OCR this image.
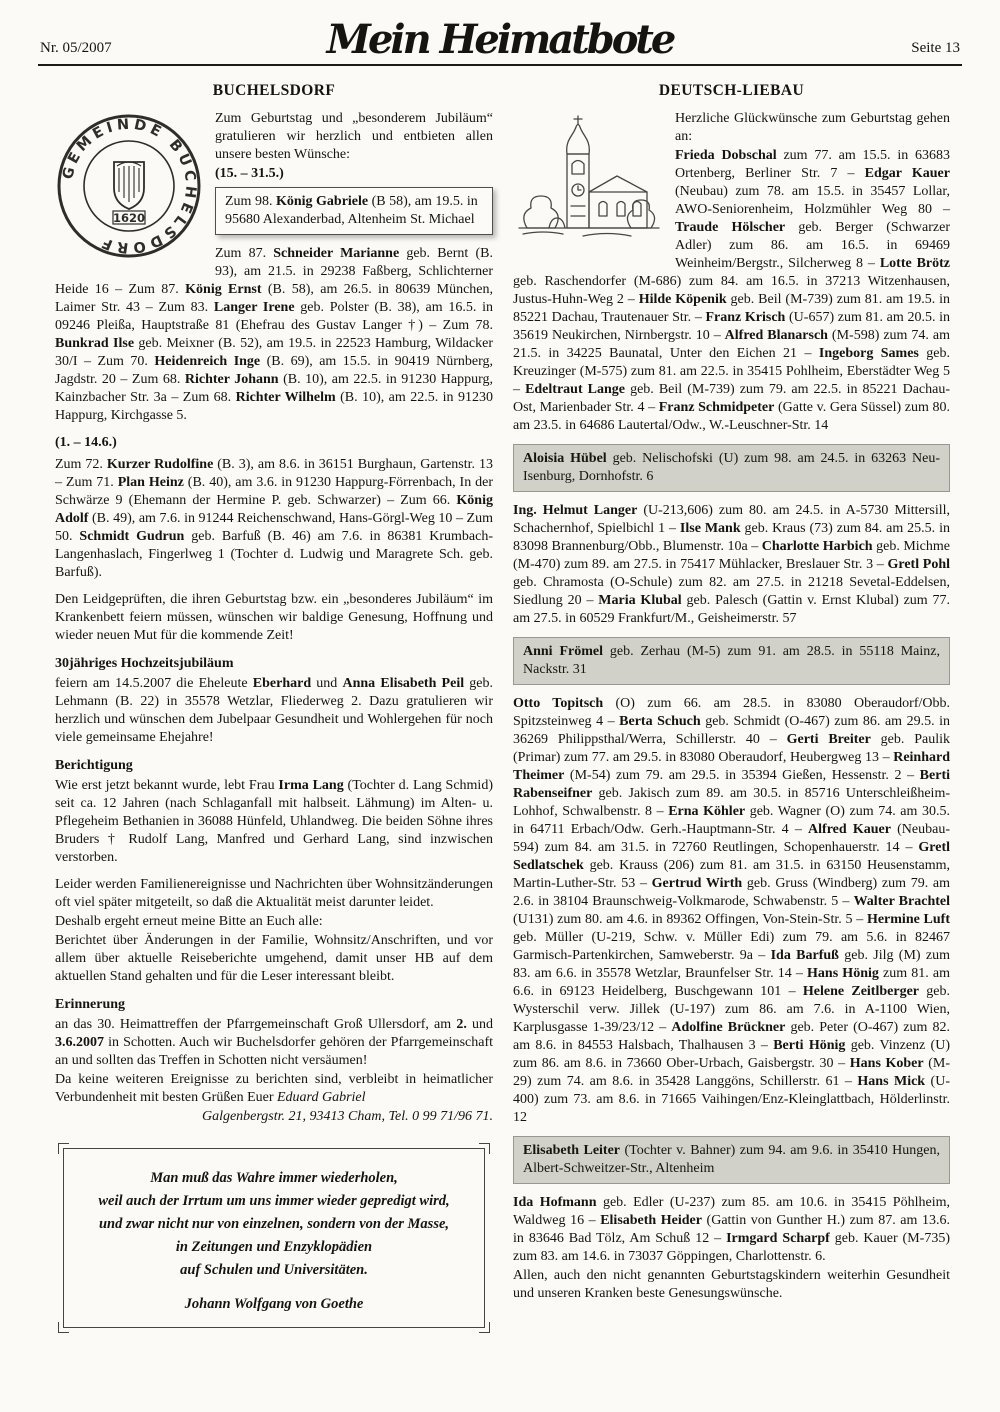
Nr. 05/2007	Mein Heimatbote	Seite 13
BUCHELSDORF
GEMEINDE BUCHELSDORF
1620

Zum Geburtstag und „besonderem Jubiläum“ gratulieren wir herzlich und entbieten allen unsere besten Wünsche:

(15. – 31.5.)
Zum 98. König Gabriele (B 58), am 19.5. in 95680 Alexanderbad, Altenheim St. Michael

Zum 87. Schneider Marianne geb. Bernt (B. 93), am 21.5. in 29238 Faßberg, Schlichterner Heide 16 – Zum 87. König Ernst (B. 58), am 26.5. in 80639 München, Laimer Str. 43 – Zum 83. Langer Irene geb. Polster (B. 38), am 16.5. in 09246 Pleißa, Hauptstraße 81 (Ehefrau des Gustav Langer †) – Zum 78. Bunkrad Ilse geb. Meixner (B. 52), am 19.5. in 22523 Hamburg, Wildacker 30/I – Zum 70. Heidenreich Inge (B. 69), am 15.5. in 90419 Nürnberg, Jagdstr. 20 – Zum 68. Richter Johann (B. 10), am 22.5. in 91230 Happurg, Kainzbacher Str. 3a – Zum 68. Richter Wilhelm (B. 10), am 22.5. in 91230 Happurg, Kirchgasse 5.

(1. – 14.6.)

Zum 72. Kurzer Rudolfine (B. 3), am 8.6. in 36151 Burghaun, Gartenstr. 13 – Zum 71. Plan Heinz (B. 40), am 3.6. in 91230 Happurg-Förrenbach, In der Schwärze 9 (Ehemann der Hermine P. geb. Schwarzer) – Zum 66. König Adolf (B. 49), am 7.6. in 91244 Reichenschwand, Hans-Görgl-Weg 10 – Zum 50. Schmidt Gudrun geb. Barfuß (B. 46) am 7.6. in 86381 Krumbach-Langenhaslach, Fingerlweg 1 (Tochter d. Ludwig und Maragrete Sch. geb. Barfuß).

Den Leidgeprüften, die ihren Geburtstag bzw. ein „besonderes Jubiläum“ im Krankenbett feiern müssen, wünschen wir baldige Genesung, Hoffnung und wieder neuen Mut für die kommende Zeit!

30jähriges Hochzeitsjubiläum

feiern am 14.5.2007 die Eheleute Eberhard und Anna Elisabeth Peil geb. Lehmann (B. 22) in 35578 Wetzlar, Fliederweg 2. Dazu gratulieren wir herzlich und wünschen dem Jubelpaar Gesundheit und Wohlergehen für noch viele gemeinsame Ehejahre!

Berichtigung

Wie erst jetzt bekannt wurde, lebt Frau Irma Lang (Tochter d. Lang Schmid) seit ca. 12 Jahren (nach Schlaganfall mit halbseit. Lähmung) im Alten- u. Pflegeheim Bethanien in 36088 Hünfeld, Uhlandweg. Die beiden Söhne ihres Bruders † Rudolf Lang, Manfred und Gerhard Lang, sind inzwischen verstorben.

Leider werden Familienereignisse und Nachrichten über Wohnsitzänderungen oft viel später mitgeteilt, so daß die Aktualität meist darunter leidet.

Deshalb ergeht erneut meine Bitte an Euch alle:

Berichtet über Änderungen in der Familie, Wohnsitz/Anschriften, und vor allem über aktuelle Reiseberichte umgehend, damit unser HB auf dem aktuellen Stand gehalten und für die Leser interessant bleibt.

Erinnerung

an das 30. Heimattreffen der Pfarrgemeinschaft Groß Ullersdorf, am 2. und 3.6.2007 in Schotten. Auch wir Buchelsdorfer gehören der Pfarrgemeinschaft an und sollten das Treffen in Schotten nicht versäumen!

Da keine weiteren Ereignisse zu berichten sind, verbleibt in heimatlicher Verbundenheit mit besten Grüßen Euer Eduard Gabriel

Galgenbergstr. 21, 93413 Cham, Tel. 0 99 71/96 71.
Man muß das Wahre immer wiederholen,
weil auch der Irrtum um uns immer wieder gepredigt wird,
und zwar nicht nur von einzelnen, sondern von der Masse,
in Zeitungen und Enzyklopädien
auf Schulen und Universitäten.
Johann Wolfgang von Goethe
DEUTSCH-LIEBAU

Herzliche Glückwünsche zum Geburtstag gehen an:

Frieda Dobschal zum 77. am 15.5. in 63683 Ortenberg, Berliner Str. 7 – Edgar Kauer (Neubau) zum 78. am 15.5. in 35457 Lollar, AWO-Seniorenheim, Holzmühler Weg 80 – Traude Hölscher geb. Berger (Schwarzer Adler) zum 86. am 16.5. in 69469 Weinheim/Bergstr., Silcherweg 8 – Lotte Brötz geb. Raschendorfer (M-686) zum 84. am 16.5. in 37213 Witzenhausen, Justus-Huhn-Weg 2 – Hilde Köpenik geb. Beil (M-739) zum 81. am 19.5. in 85221 Dachau, Trautenauer Str. – Franz Krisch (U-657) zum 81. am 20.5. in 35619 Neukirchen, Nirnbergstr. 10 – Alfred Blanarsch (M-598) zum 74. am 21.5. in 34225 Baunatal, Unter den Eichen 21 – Ingeborg Sames geb. Kreuzinger (M-575) zum 81. am 22.5. in 35415 Pohlheim, Eberstädter Weg 5 – Edeltraut Lange geb. Beil (M-739) zum 79. am 22.5. in 85221 Dachau-Ost, Marienbader Str. 4 – Franz Schmidpeter (Gatte v. Gera Süssel) zum 80. am 23.5. in 64686 Lautertal/Odw., W.-Leuschner-Str. 14

Aloisia Hübel geb. Nelischofski (U) zum 98. am 24.5. in 63263 Neu-Isenburg, Dornhofstr. 6

Ing. Helmut Langer (U-213,606) zum 80. am 24.5. in A-5730 Mittersill, Schachernhof, Spielbichl 1 – Ilse Mank geb. Kraus (73) zum 84. am 25.5. in 83098 Brannenburg/Obb., Blumenstr. 10a – Charlotte Harbich geb. Michme (M-470) zum 89. am 27.5. in 75417 Mühlacker, Breslauer Str. 3 – Gretl Pohl geb. Chramosta (O-Schule) zum 82. am 27.5. in 21218 Sevetal-Eddelsen, Siedlung 20 – Maria Klubal geb. Palesch (Gattin v. Ernst Klubal) zum 77. am 27.5. in 60529 Frankfurt/M., Geisheimerstr. 57

Anni Frömel geb. Zerhau (M-5) zum 91. am 28.5. in 55118 Mainz, Nackstr. 31

Otto Topitsch (O) zum 66. am 28.5. in 83080 Oberaudorf/Obb. Spitzsteinweg 4 – Berta Schuch geb. Schmidt (O-467) zum 86. am 29.5. in 36269 Philippsthal/Werra, Schillerstr. 40 – Gerti Breiter geb. Paulik (Primar) zum 77. am 29.5. in 83080 Oberaudorf, Heubergweg 13 – Reinhard Theimer (M-54) zum 79. am 29.5. in 35394 Gießen, Hessenstr. 2 – Berti Rabenseifner geb. Jakisch zum 89. am 30.5. in 85716 Unterschleißheim-Lohhof, Schwalbenstr. 8 – Erna Köhler geb. Wagner (O) zum 74. am 30.5. in 64711 Erbach/Odw. Gerh.-Hauptmann-Str. 4 – Alfred Kauer (Neubau-594) zum 84. am 31.5. in 72760 Reutlingen, Schopenhauerstr. 14 – Gretl Sedlatschek geb. Krauss (206) zum 81. am 31.5. in 63150 Heusenstamm, Martin-Luther-Str. 53 – Gertrud Wirth geb. Gruss (Windberg) zum 79. am 2.6. in 38104 Braunschweig-Volkmarode, Schwabenstr. 5 – Walter Brachtel (U131) zum 80. am 4.6. in 89362 Offingen, Von-Stein-Str. 5 – Hermine Luft geb. Müller (U-219, Schw. v. Müller Edi) zum 79. am 5.6. in 82467 Garmisch-Partenkirchen, Samweberstr. 9a – Ida Barfuß geb. Jilg (M) zum 83. am 6.6. in 35578 Wetzlar, Braunfelser Str. 14 – Hans Hönig zum 81. am 6.6. in 69123 Heidelberg, Buschgewann 101 – Helene Zeitlberger geb. Wysterschil verw. Jillek (U-197) zum 86. am 7.6. in A-1100 Wien, Karplusgasse 1-39/23/12 – Adolfine Brückner geb. Peter (O-467) zum 82. am 8.6. in 84553 Halsbach, Thalhausen 3 – Berti Hönig geb. Vinzenz (U) zum 86. am 8.6. in 73660 Ober-Urbach, Gaisbergstr. 30 – Hans Kober (M-29) zum 74. am 8.6. in 35428 Langgöns, Schillerstr. 61 – Hans Mick (U-400) zum 73. am 8.6. in 71665 Vaihingen/Enz-Kleinglattbach, Hölderlinstr. 12

Elisabeth Leiter (Tochter v. Bahner) zum 94. am 9.6. in 35410 Hungen, Albert-Schweitzer-Str., Altenheim

Ida Hofmann geb. Edler (U-237) zum 85. am 10.6. in 35415 Pöhlheim, Waldweg 16 – Elisabeth Heider (Gattin von Gunther H.) zum 87. am 13.6. in 83646 Bad Tölz, Am Schuß 12 – Irmgard Scharpf geb. Kauer (M-735) zum 83. am 14.6. in 73037 Göppingen, Charlottenstr. 6.

Allen, auch den nicht genannten Geburtstagskindern weiterhin Gesundheit und unseren Kranken beste Genesungswünsche.
